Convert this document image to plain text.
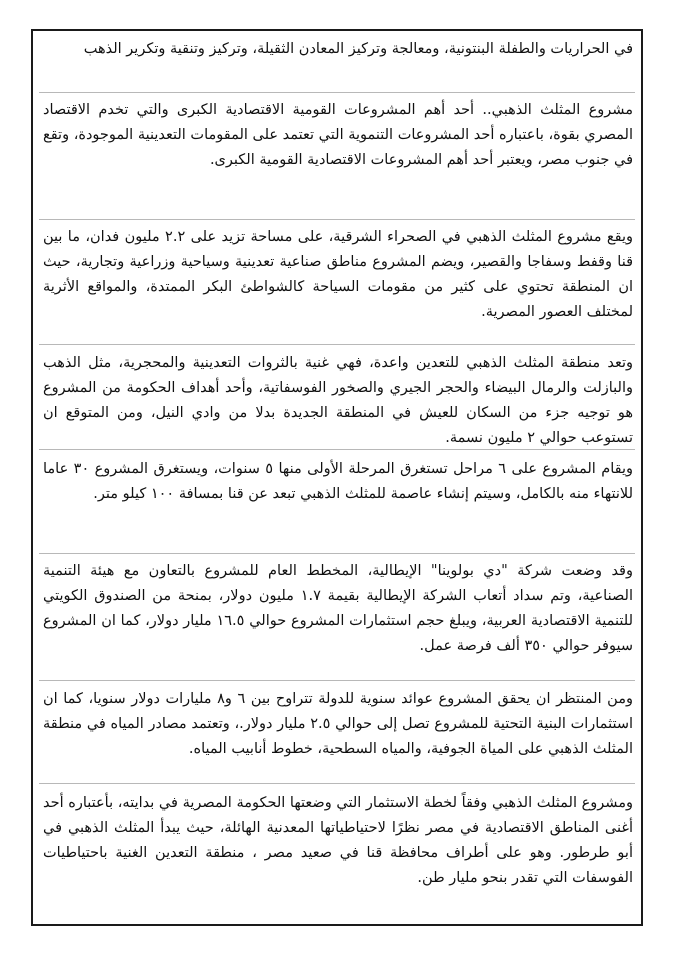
في الحراريات والطفلة البنتونية، ومعالجة وتركيز المعادن الثقيلة، وتركيز وتنقية وتكرير الذهب

مشروع المثلث الذهبي.. أحد أهم المشروعات القومية الاقتصادية الكبرى والتي تخدم الاقتصاد المصري بقوة، باعتباره أحد المشروعات التنموية التي تعتمد على المقومات التعدينية الموجودة، وتقع في جنوب مصر، ويعتبر أحد أهم المشروعات الاقتصادية القومية الكبرى.

ويقع مشروع المثلث الذهبي في الصحراء الشرقية، على مساحة تزيد على ٢.٢ مليون فدان، ما بين قنا وقفط وسفاجا والقصير، ويضم المشروع مناطق صناعية تعدينية وسياحية وزراعية وتجارية، حيث ان المنطقة تحتوي على كثير من مقومات السياحة كالشواطئ البكر الممتدة، والمواقع الأثرية لمختلف العصور المصرية.

وتعد منطقة المثلث الذهبي للتعدين واعدة، فهي غنية بالثروات التعدينية والمحجرية، مثل الذهب والبازلت والرمال البيضاء والحجر الجيري والصخور الفوسفاتية، وأحد أهداف الحكومة من المشروع هو توجيه جزء من السكان للعيش في المنطقة الجديدة بدلا من وادي النيل، ومن المتوقع ان تستوعب حوالي ٢ مليون نسمة.

ويقام المشروع على ٦ مراحل تستغرق المرحلة الأولى منها ٥ سنوات، ويستغرق المشروع ٣٠ عاما للانتهاء منه بالكامل، وسيتم إنشاء عاصمة للمثلث الذهبي تبعد عن قنا بمسافة ١٠٠ كيلو متر.

وقد وضعت شركة "دي بولوينا" الإيطالية، المخطط العام للمشروع بالتعاون مع هيئة التنمية الصناعية، وتم سداد أتعاب الشركة الإيطالية بقيمة ١.٧ مليون دولار، بمنحة من الصندوق الكويتي للتنمية الاقتصادية العربية، ويبلغ حجم استثمارات المشروع حوالي ١٦.٥ مليار دولار، كما ان المشروع سيوفر حوالي ٣٥٠ ألف فرصة عمل.

ومن المنتظر ان يحقق المشروع عوائد سنوية للدولة تتراوح بين ٦ و٨ مليارات دولار سنويا، كما ان استثمارات البنية التحتية للمشروع تصل إلى حوالي ٢.٥ مليار دولار.، وتعتمد مصادر المياه في منطقة المثلث الذهبي على المياة الجوفية، والمياه السطحية، خطوط أنابيب المياه.

ومشروع المثلث الذهبي وفقاً لخطة الاستثمار التي وضعتها الحكومة المصرية في بدايته، بأعتباره أحد أغنى المناطق الاقتصادية في مصر نظرًا لاحتياطياتها المعدنية الهائلة، حيث يبدأ المثلث الذهبي في أبو طرطور. وهو على أطراف محافظة قنا في صعيد مصر ، منطقة التعدين الغنية باحتياطيات الفوسفات التي تقدر بنحو مليار طن.
